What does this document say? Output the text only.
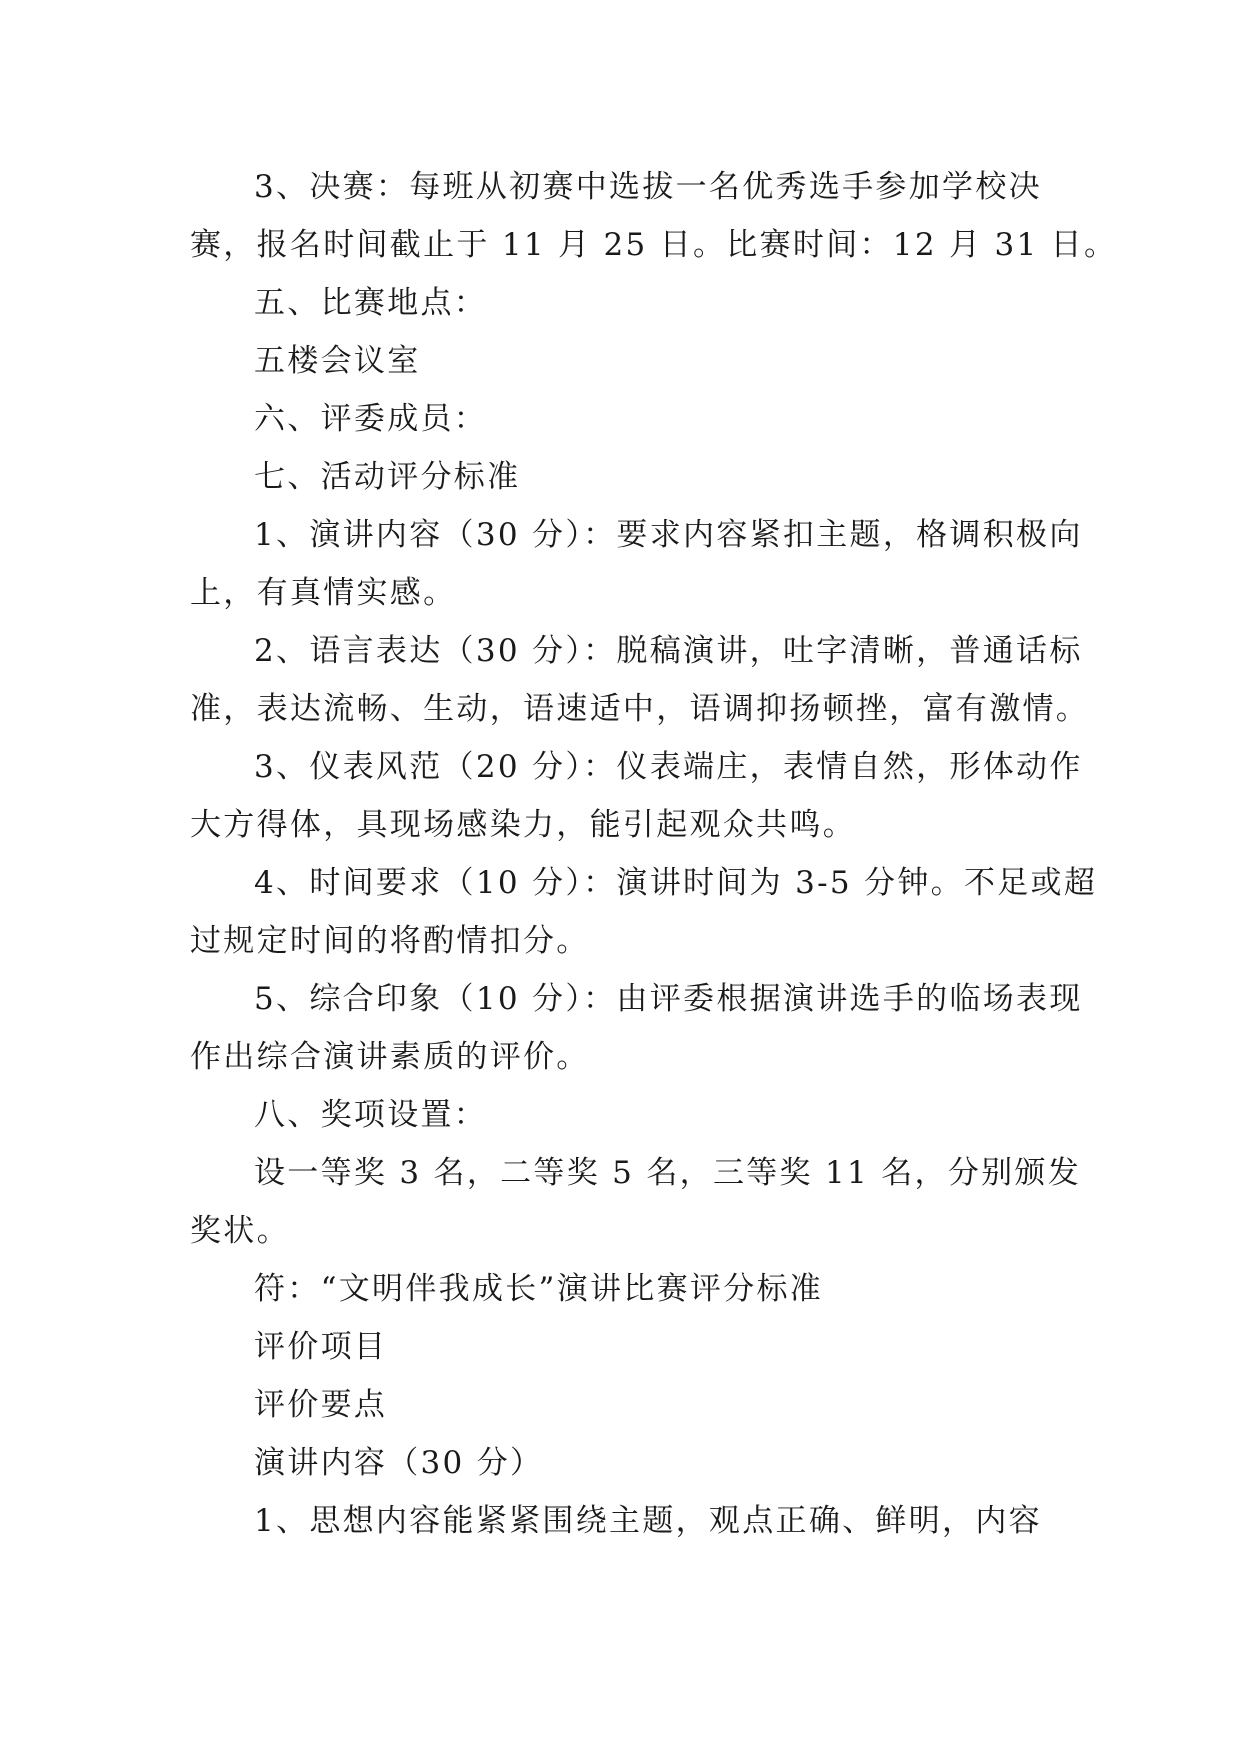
3、决赛：每班从初赛中选拔一名优秀选手参加学校决

赛，报名时间截止于 11 月 25 日。比赛时间：12 月 31 日。

五、比赛地点：

五楼会议室

六、评委成员：

七、活动评分标准

1、演讲内容（30 分）：要求内容紧扣主题，格调积极向

上，有真情实感。

2、语言表达（30 分）：脱稿演讲，吐字清晰，普通话标

准，表达流畅、生动，语速适中，语调抑扬顿挫，富有激情。

3、仪表风范（20 分）：仪表端庄，表情自然，形体动作

大方得体，具现场感染力，能引起观众共鸣。

4、时间要求（10 分）：演讲时间为 3-5 分钟。不足或超

过规定时间的将酌情扣分。

5、综合印象（10 分）：由评委根据演讲选手的临场表现

作出综合演讲素质的评价。

八、奖项设置：

设一等奖 3 名，二等奖 5 名，三等奖 11 名，分别颁发

奖状。

符：“文明伴我成长”演讲比赛评分标准

评价项目

评价要点

演讲内容（30 分）

1、思想内容能紧紧围绕主题，观点正确、鲜明，内容
